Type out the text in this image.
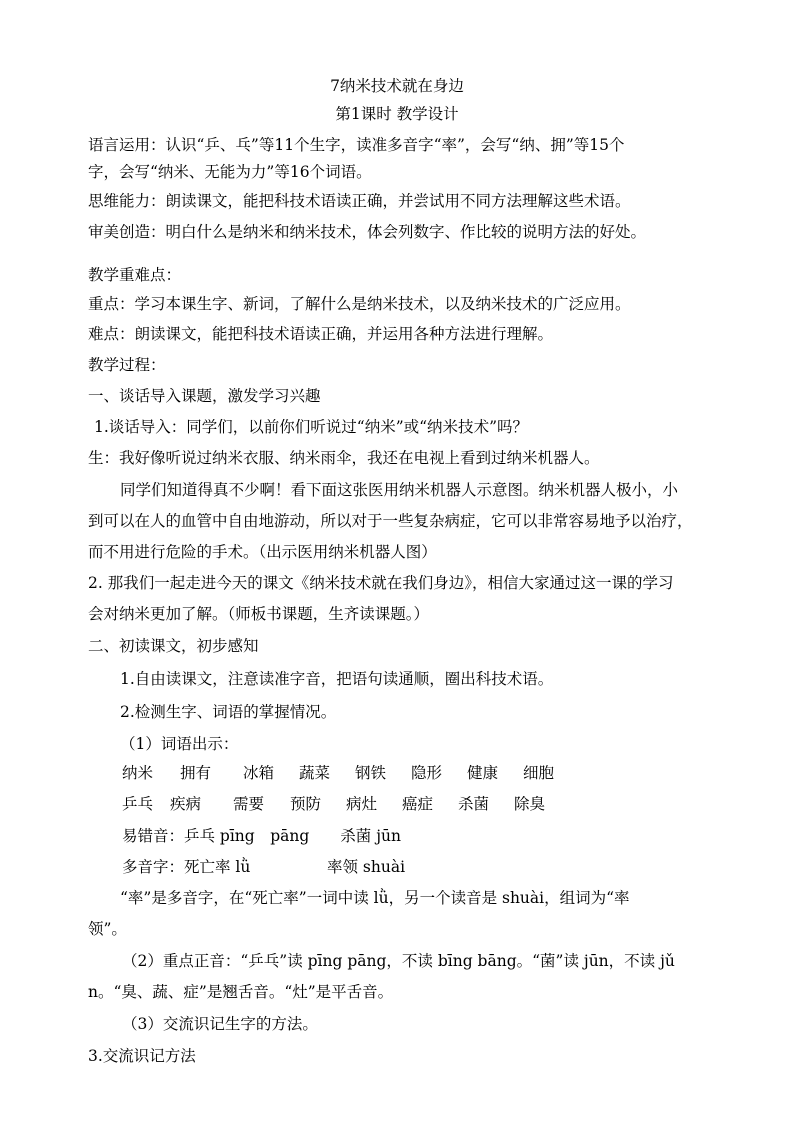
7纳米技术就在身边
第1课时 教学设计
语言运用：认识“乒、乓”等11个生字，读准多音字“率”，会写“纳、拥”等15个
字，会写“纳米、无能为力”等16个词语。
思维能力：朗读课文，能把科技术语读正确，并尝试用不同方法理解这些术语。
审美创造：明白什么是纳米和纳米技术，体会列数字、作比较的说明方法的好处。
教学重难点：
重点：学习本课生字、新词，了解什么是纳米技术，以及纳米技术的广泛应用。
难点：朗读课文，能把科技术语读正确，并运用各种方法进行理解。
教学过程：
一、谈话导入课题，激发学习兴趣
1.谈话导入：同学们，以前你们听说过“纳米”或“纳米技术”吗？
生：我好像听说过纳米衣服、纳米雨伞，我还在电视上看到过纳米机器人。
同学们知道得真不少啊！看下面这张医用纳米机器人示意图。纳米机器人极小，小
到可以在人的血管中自由地游动，所以对于一些复杂病症，它可以非常容易地予以治疗，
而不用进行危险的手术。（出示医用纳米机器人图）
2. 那我们一起走进今天的课文《纳米技术就在我们身边》，相信大家通过这一课的学习
会对纳米更加了解。（师板书课题，生齐读课题。）
二、初读课文，初步感知
1.自由读课文，注意读准字音，把语句读通顺，圈出科技术语。
2.检测生字、词语的掌握情况。
（1）词语出示：
纳米	拥有	冰箱	蔬菜	钢铁	隐形	健康	细胞
乒乓	疾病	需要	预防	病灶	癌症	杀菌	除臭
易错音：乒乓 pīng　pāng　　杀菌 jūn
多音字：死亡率 lǜ	率领 shuài
“率”是多音字，在“死亡率”一词中读 lǜ，另一个读音是 shuài，组词为“率
领”。
（2）重点正音：“乒乓”读 pīng pāng，不读 bīng bāng。“菌”读 jūn，不读 jǔ
n。“臭、蔬、症”是翘舌音。“灶”是平舌音。
（3）交流识记生字的方法。
3.交流识记方法
